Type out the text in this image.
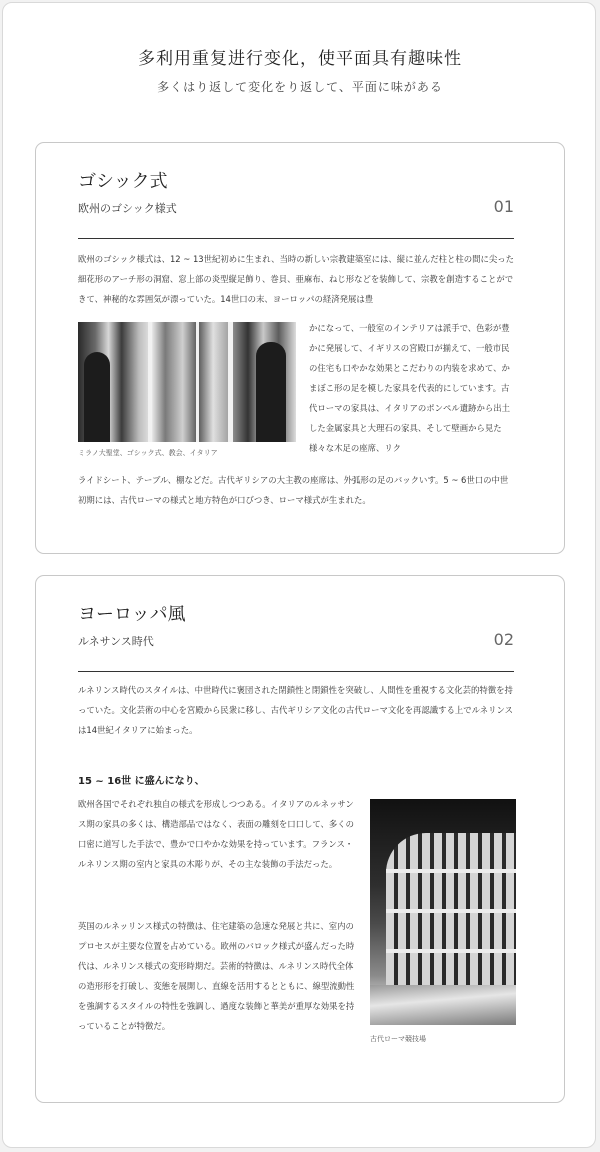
多利用重复进行变化，使平面具有趣味性
多くはり返して変化をり返して、平面に味がある
ゴシック式
欧州のゴシック様式	01

欧州のゴシック様式は、12 ~ 13世紀初めに生まれ、当時の新しい宗教建築室には、縦に並んだ柱と柱の間に尖った細花形のアーチ形の洞窟、窓上部の炎型縦足飾り、巻貝、亜麻布、ねじ形などを装飾して、宗教を創造することができて、神秘的な雰囲気が漂っていた。14世口の末、ヨーロッパの経済発展は豊

ミラノ大聖堂、ゴシック式、教会、イタリア

かになって、一般室のインテリアは派手で、色彩が豊かに発展して、イギリスの宮殿口が揃えて、一般市民の住宅も口やかな効果とこだわりの内装を求めて、かまぼこ形の足を模した家具を代表的にしています。古代ローマの家具は、イタリアのポンペル遺跡から出土した金属家具と大理石の家具、そして壁画から見た様々な木足の座席、リク

ライドシート、テーブル、棚などだ。古代ギリシアの大主教の座席は、外弧形の足のバックいす。5 ~ 6世口の中世初期には、古代ローマの様式と地方特色が口びつき、ローマ様式が生まれた。

ヨーロッパ風
ルネサンス時代	02

ルネリンス時代のスタイルは、中世時代に褒団された閉鎖性と閉鎖性を突破し、人間性を重視する文化芸的特徴を持っていた。文化芸術の中心を宮殿から民衆に移し、古代ギリシア文化の古代ローマ文化を再認識する上でルネリンスは14世紀イタリアに始まった。

15 ~ 16世 に盛んになり、

欧州各国でそれぞれ独自の様式を形成しつつある。イタリアのルネッサンス期の家具の多くは、構造部品ではなく、表面の雕刻を口口して、多くの口密に道写した手法で、豊かで口やかな効果を持っています。フランス・ルネリンス期の室内と家具の木彫りが、その主な装飾の手法だった。

英国のルネッリンス様式の特徴は、住宅建築の急速な発展と共に、室内のプロセスが主要な位置を占めている。欧州のバロック様式が盛んだった時代は、ルネリンス様式の変形時期だ。芸術的特徴は、ルネリンス時代全体の造形形を打破し、変態を展開し、直線を活用するとともに、線型流動性を強調するスタイルの特性を強調し、過度な装飾と華美が重厚な効果を持っていることが特徴だ。

古代ローマ競技場
